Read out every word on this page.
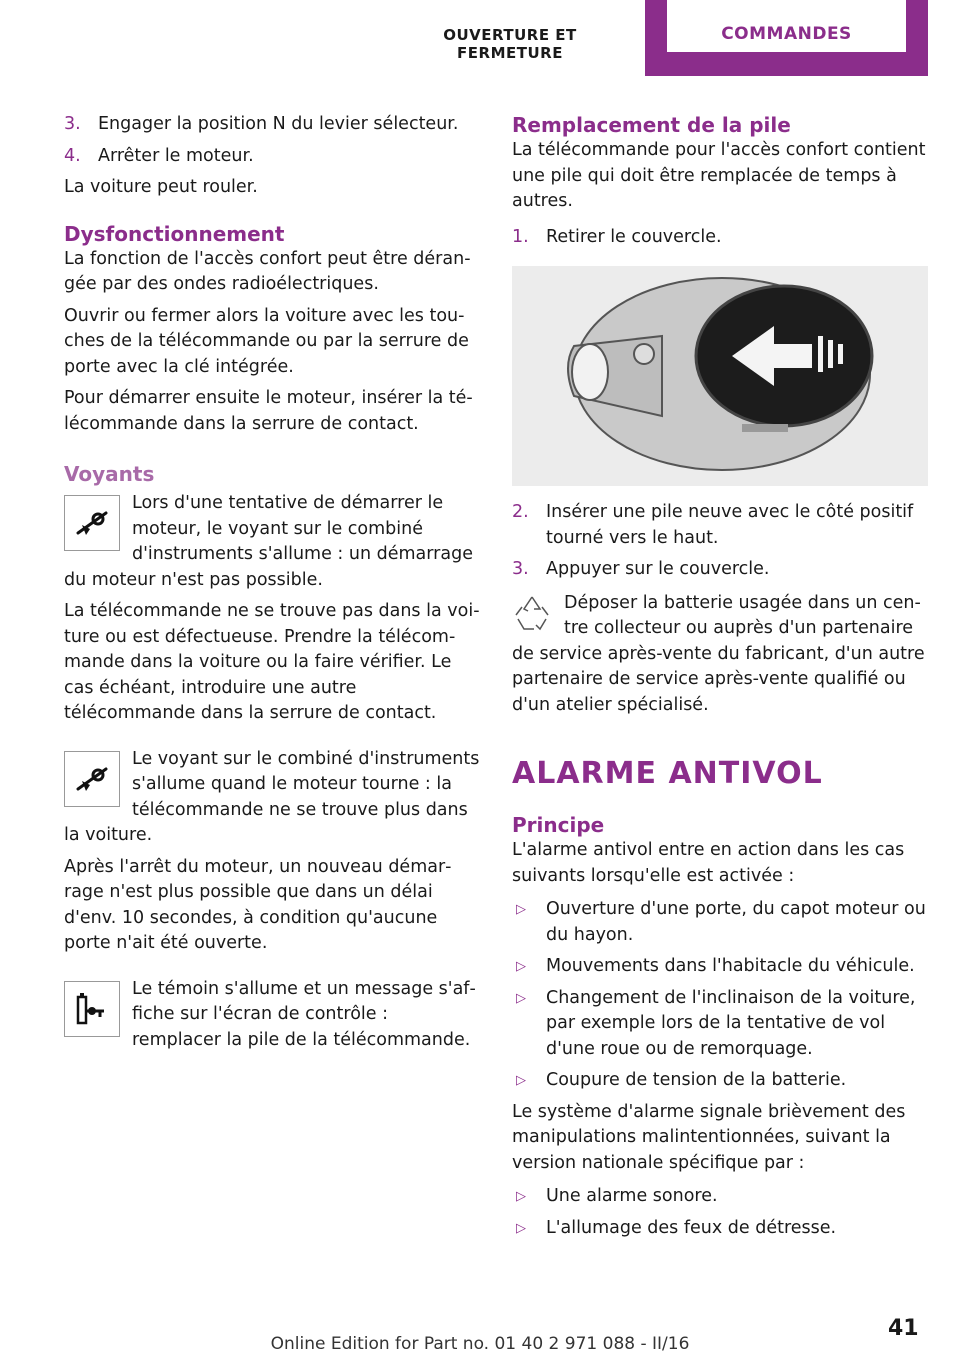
OUVERTURE ET FERMETURE
COMMANDES
3. Engager la position N du levier sélecteur.
4. Arrêter le moteur.

La voiture peut rouler.

Dysfonctionnement

La fonction de l'accès confort peut être dérangée par des ondes radioélectriques.

Ouvrir ou fermer alors la voiture avec les touches de la télécommande ou par la serrure de porte avec la clé intégrée.

Pour démarrer ensuite le moteur, insérer la télécommande dans la serrure de contact.

Voyants

Lors d'une tentative de démarrer le moteur, le voyant sur le combiné d'instruments s'allume : un démarrage du moteur n'est pas possible.

La télécommande ne se trouve pas dans la voiture ou est défectueuse. Prendre la télécommande dans la voiture ou la faire vérifier. Le cas échéant, introduire une autre télécommande dans la serrure de contact.

Le voyant sur le combiné d'instruments s'allume quand le moteur tourne : la télécommande ne se trouve plus dans la voiture.

Après l'arrêt du moteur, un nouveau démarrage n'est plus possible que dans un délai d'env. 10 secondes, à condition qu'aucune porte n'ait été ouverte.

Le témoin s'allume et un message s'affiche sur l'écran de contrôle : remplacer la pile de la télécommande.

Remplacement de la pile

La télécommande pour l'accès confort contient une pile qui doit être remplacée de temps à autres.

1. Retirer le couvercle.
2. Insérer une pile neuve avec le côté positif tourné vers le haut.
3. Appuyer sur le couvercle.

Déposer la batterie usagée dans un centre collecteur ou auprès d'un partenaire de service après-vente du fabricant, d'un autre partenaire de service après-vente qualifié ou d'un atelier spécialisé.

ALARME ANTIVOL
Principe

L'alarme antivol entre en action dans les cas suivants lorsqu'elle est activée :

▷	Ouverture d'une porte, du capot moteur ou du hayon.
▷	Mouvements dans l'habitacle du véhicule.
▷	Changement de l'inclinaison de la voiture, par exemple lors de la tentative de vol d'une roue ou de remorquage.
▷	Coupure de tension de la batterie.

Le système d'alarme signale brièvement des manipulations malintentionnées, suivant la version nationale spécifique par :

▷	Une alarme sonore.
▷	L'allumage des feux de détresse.
41
Online Edition for Part no. 01 40 2 971 088 - II/16
